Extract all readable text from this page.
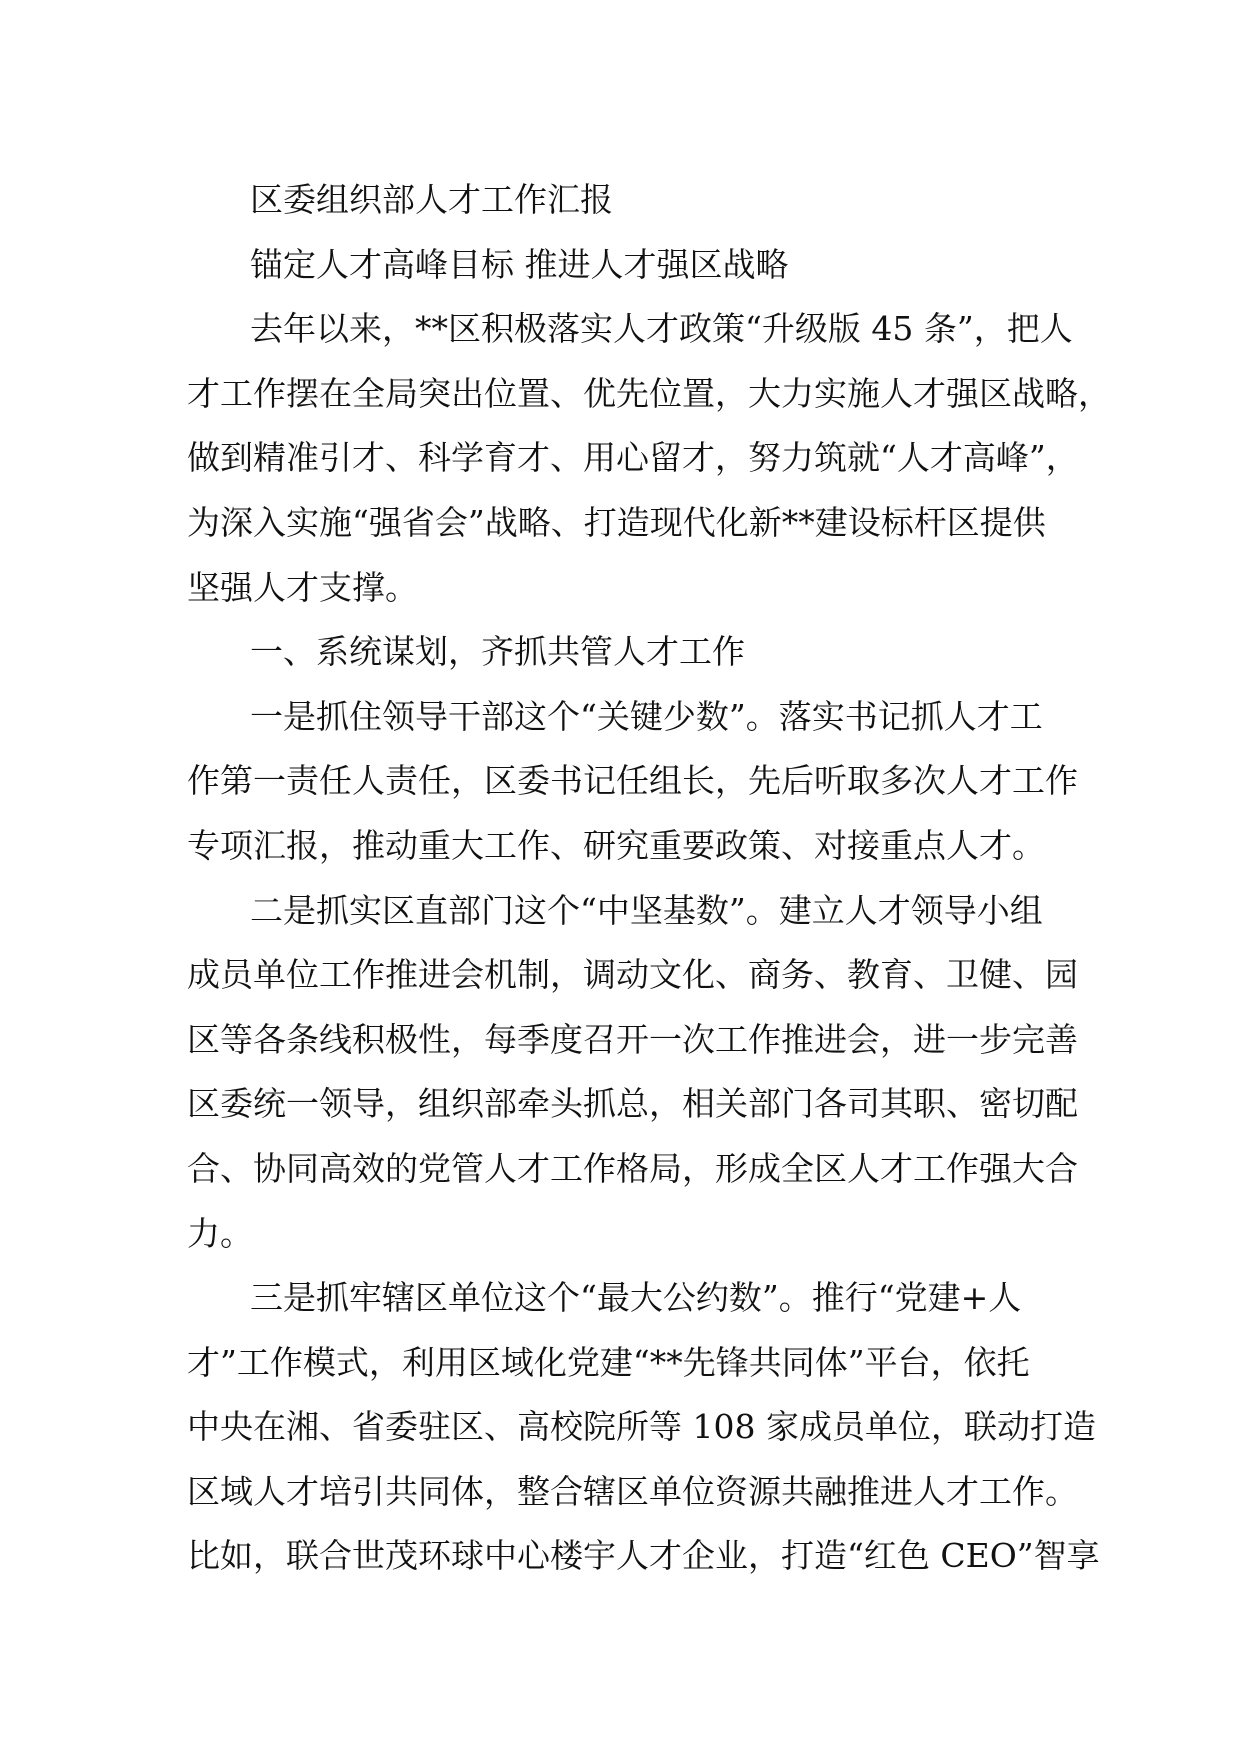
区委组织部人才工作汇报
锚定人才高峰目标 推进人才强区战略
去年以来，**区积极落实人才政策“升级版 45 条”，把人
才工作摆在全局突出位置、优先位置，大力实施人才强区战略，
做到精准引才、科学育才、用心留才，努力筑就“人才高峰”，
为深入实施“强省会”战略、打造现代化新**建设标杆区提供
坚强人才支撑。
一、系统谋划，齐抓共管人才工作
一是抓住领导干部这个“关键少数”。落实书记抓人才工
作第一责任人责任，区委书记任组长，先后听取多次人才工作
专项汇报，推动重大工作、研究重要政策、对接重点人才。
二是抓实区直部门这个“中坚基数”。建立人才领导小组
成员单位工作推进会机制，调动文化、商务、教育、卫健、园
区等各条线积极性，每季度召开一次工作推进会，进一步完善
区委统一领导，组织部牵头抓总，相关部门各司其职、密切配
合、协同高效的党管人才工作格局，形成全区人才工作强大合
力。
三是抓牢辖区单位这个“最大公约数”。推行“党建+人
才”工作模式，利用区域化党建“**先锋共同体”平台，依托
中央在湘、省委驻区、高校院所等 108 家成员单位，联动打造
区域人才培引共同体，整合辖区单位资源共融推进人才工作。
比如，联合世茂环球中心楼宇人才企业，打造“红色 CEO”智享
